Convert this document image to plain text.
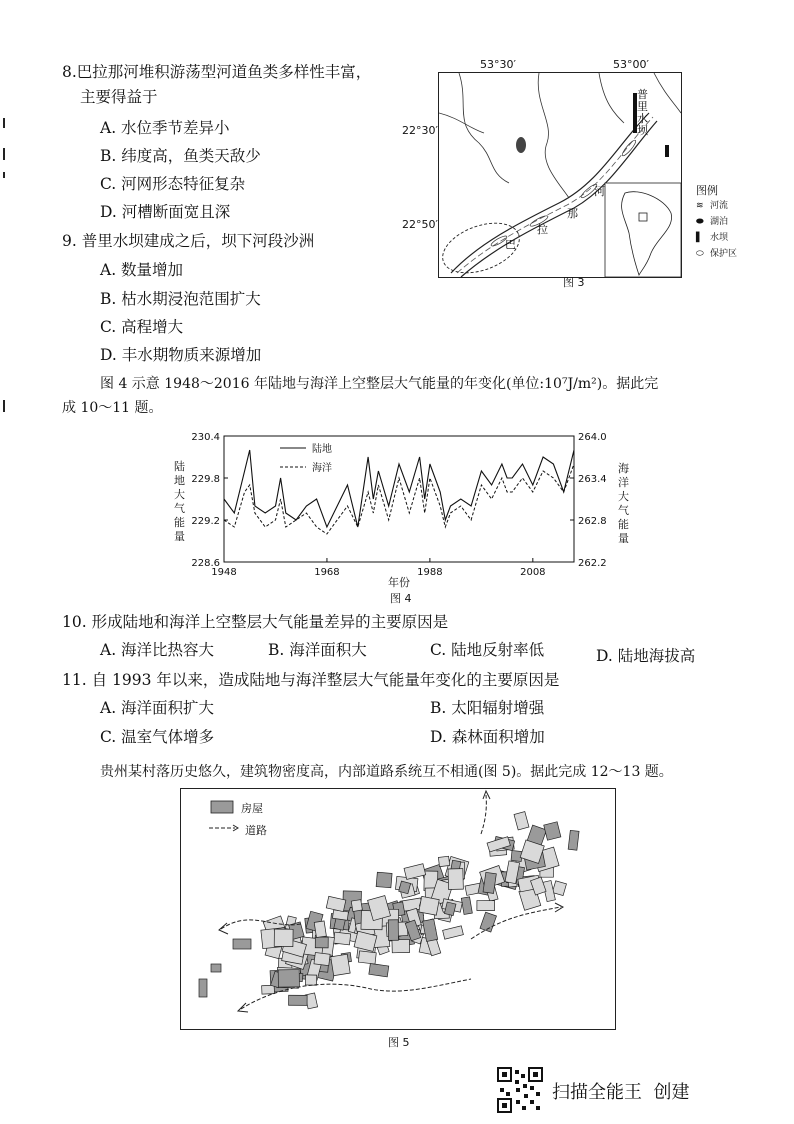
8.巴拉那河堆积游荡型河道鱼类多样性丰富，
主要得益于
A. 水位季节差异小
B. 纬度高，鱼类天敌少
C. 河网形态特征复杂
D. 河槽断面宽且深
9. 普里水坝建成之后，坝下河段沙洲
A. 数量增加
B. 枯水期浸泡范围扩大
C. 高程增大
D. 丰水期物质来源增加
53°30′	53°00′
22°30′
22°50′
普里水坝
河
那
拉
巴
图例
≋ 河流
⬬ 湖泊
▌ 水坝
⬭ 保护区
图 3
图 4 示意 1948～2016 年陆地与海洋上空整层大气能量的年变化(单位:10⁷J/m²)。据此完
成 10～11 题。
230.4
229.8
229.2
228.6
264.0
263.4
262.8
262.2
1948	1968	1988	2008
陆地
海洋
陆
地
大
气
能
量
海
洋
大
气
能
量
年份
图 4
10. 形成陆地和海洋上空整层大气能量差异的主要原因是
A. 海洋比热容大	B. 海洋面积大	C. 陆地反射率低	D. 陆地海拔高
11. 自 1993 年以来，造成陆地与海洋整层大气能量年变化的主要原因是
A. 海洋面积扩大	B. 太阳辐射增强
C. 温室气体增多	D. 森林面积增加
贵州某村落历史悠久，建筑物密度高，内部道路系统互不相通(图 5)。据此完成 12～13 题。
房屋
道路
图 5
扫描全能王  创建
